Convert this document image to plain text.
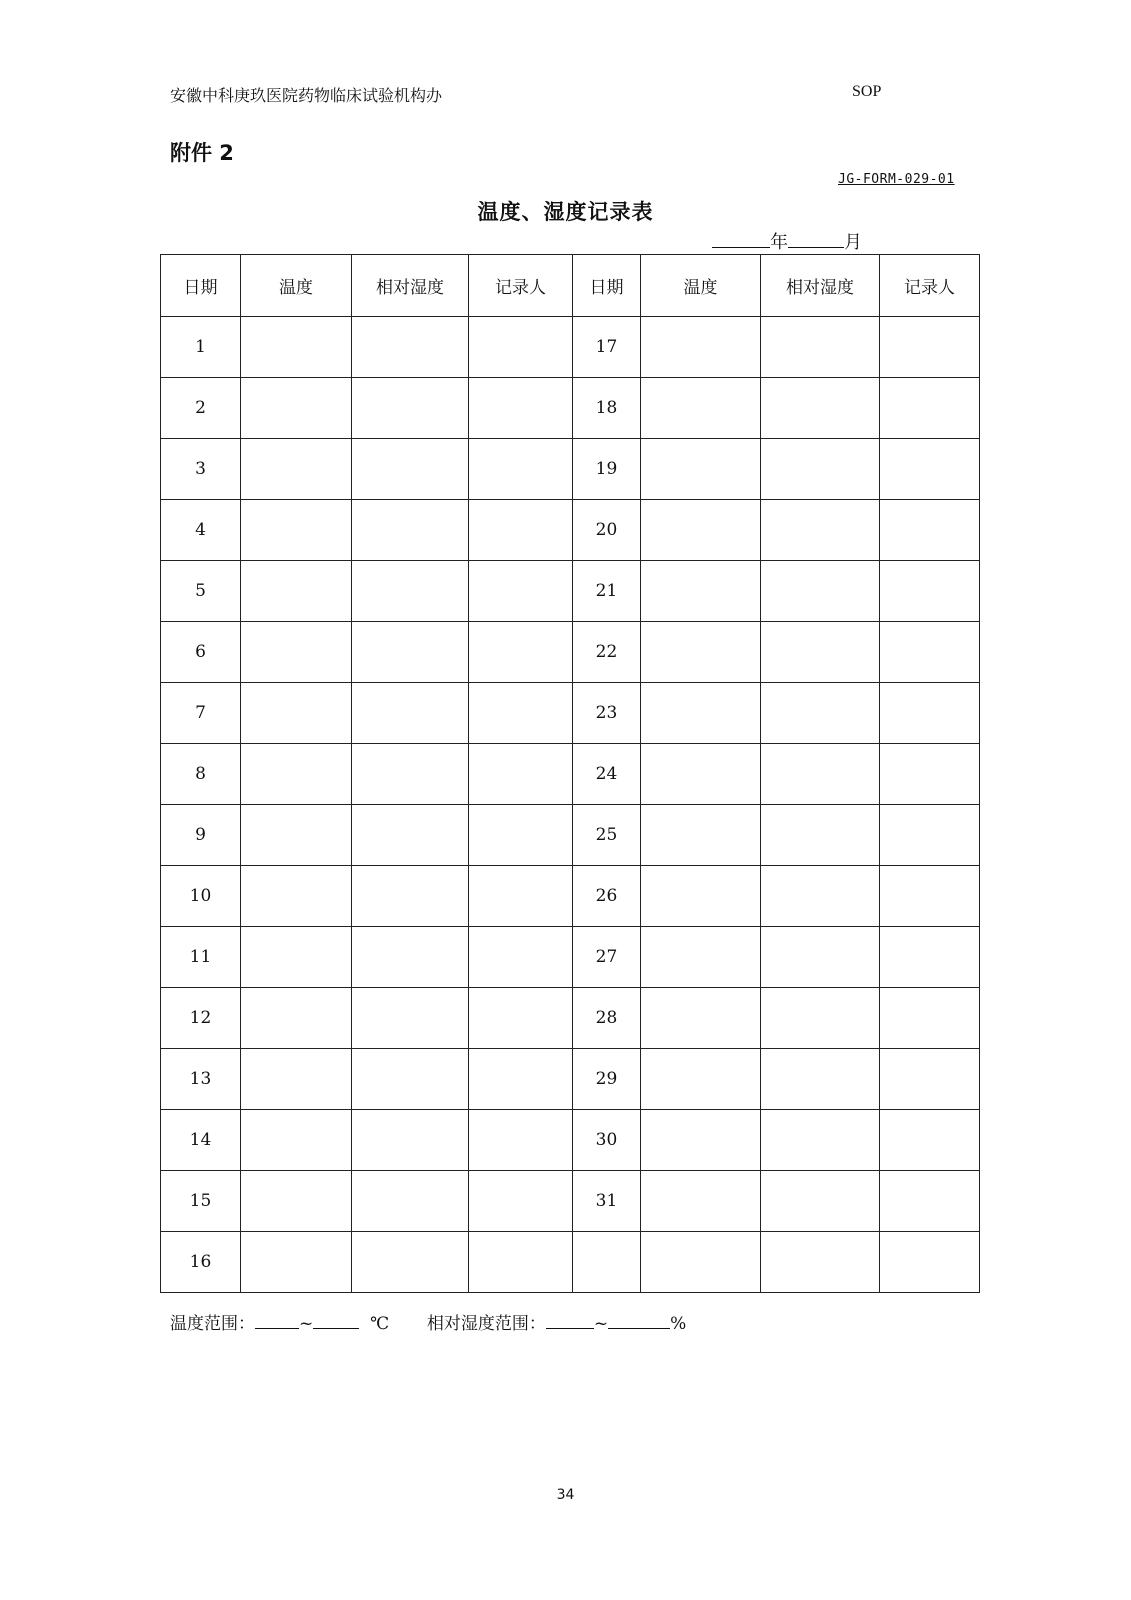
安徽中科庚玖医院药物临床试验机构办	SOP
附件 2
JG-FORM-029-01
温度、湿度记录表
年	月
日期	温度	相对湿度	记录人	日期	温度	相对湿度	记录人
1				17			
2				18			
3				19			
4				20			
5				21			
6				22			
7				23			
8				24			
9				25			
10				26			
11				27			
12				28			
13				29			
14				30			
15				31			
16							
温度范围：	~	℃ 相对湿度范围：	~	%
34
